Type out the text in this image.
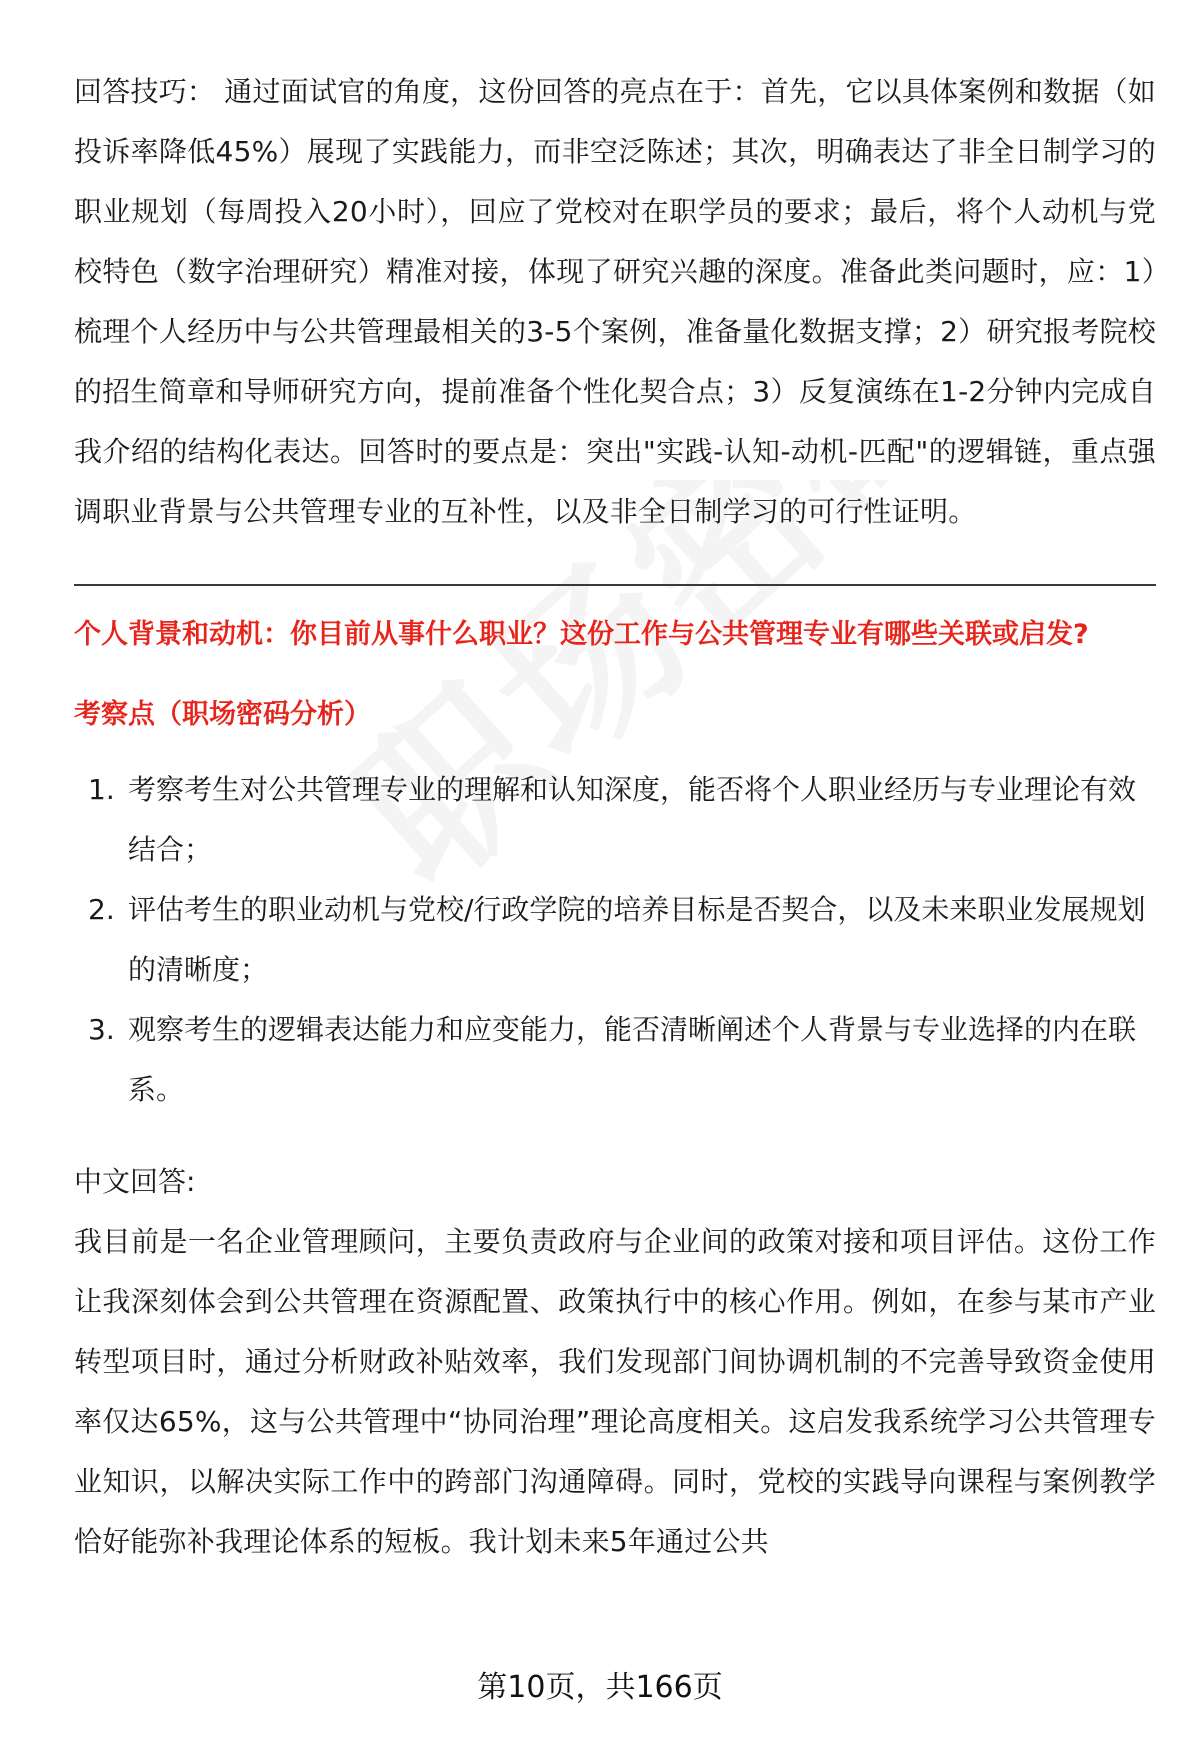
回答技巧： 通过面试官的角度，这份回答的亮点在于：首先，它以具体案例和数据（如投诉率降低45%）展现了实践能力，而非空泛陈述；其次，明确表达了非全日制学习的职业规划（每周投入20小时），回应了党校对在职学员的要求；最后，将个人动机与党校特色（数字治理研究）精准对接，体现了研究兴趣的深度。准备此类问题时，应：1）梳理个人经历中与公共管理最相关的3-5个案例，准备量化数据支撑；2）研究报考院校的招生简章和导师研究方向，提前准备个性化契合点；3）反复演练在1-2分钟内完成自我介绍的结构化表达。回答时的要点是：突出"实践-认知-动机-匹配"的逻辑链，重点强调职业背景与公共管理专业的互补性，以及非全日制学习的可行性证明。

个人背景和动机：你目前从事什么职业？这份工作与公共管理专业有哪些关联或启发?
考察点（职场密码分析）
1. 考察考生对公共管理专业的理解和认知深度，能否将个人职业经历与专业理论有效结合；
2. 评估考生的职业动机与党校/行政学院的培养目标是否契合，以及未来职业发展规划的清晰度；
3. 观察考生的逻辑表达能力和应变能力，能否清晰阐述个人背景与专业选择的内在联系。
中文回答:

我目前是一名企业管理顾问，主要负责政府与企业间的政策对接和项目评估。这份工作让我深刻体会到公共管理在资源配置、政策执行中的核心作用。例如，在参与某市产业转型项目时，通过分析财政补贴效率，我们发现部门间协调机制的不完善导致资金使用率仅达65%，这与公共管理中“协同治理”理论高度相关。这启发我系统学习公共管理专业知识，以解决实际工作中的跨部门沟通障碍。同时，党校的实践导向课程与案例教学恰好能弥补我理论体系的短板。我计划未来5年通过公共

第10页，共166页
